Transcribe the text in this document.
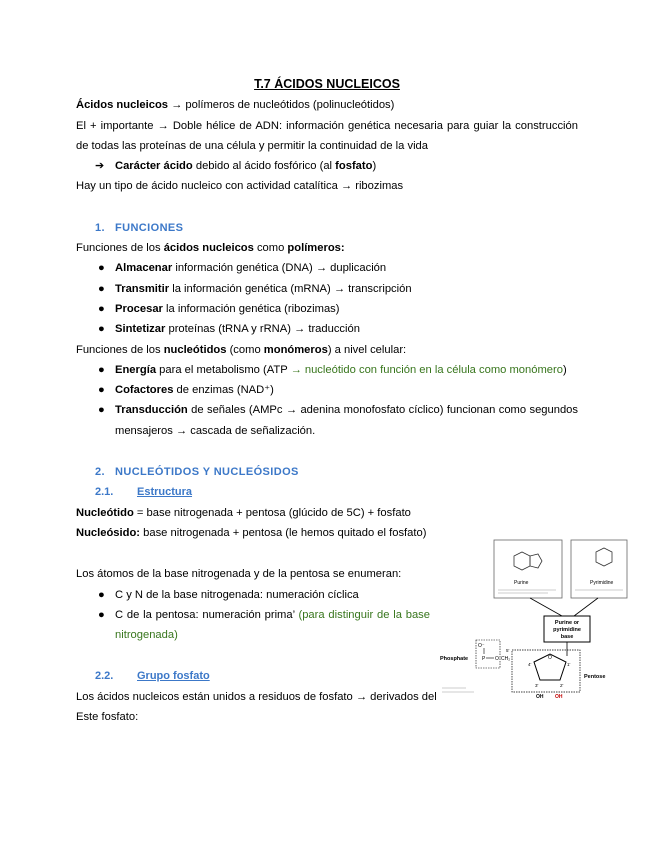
T.7 ÁCIDOS NUCLEICOS

Ácidos nucleicos → polímeros de nucleótidos (polinucleótidos)

El + importante → Doble hélice de ADN: información genética necesaria para guiar la construcción de todas las proteínas de una célula y permitir la continuidad de la vida

➔ Carácter ácido debido al ácido fosfórico (al fosfato)

Hay un tipo de ácido nucleico con actividad catalítica → ribozimas

1. FUNCIONES

Funciones de los ácidos nucleicos como polímeros:

● Almacenar información genética (DNA) → duplicación
● Transmitir la información genética (mRNA) → transcripción
● Procesar la información genética (ribozimas)
● Sintetizar proteínas (tRNA y rRNA) → traducción

Funciones de los nucleótidos (como monómeros) a nivel celular:

● Energía para el metabolismo (ATP → nucleótido con función en la célula como monómero)
● Cofactores de enzimas (NAD⁺)
● Transducción de señales (AMPc → adenina monofosfato cíclico) funcionan como segundos mensajeros → cascada de señalización.

2. NUCLEÓTIDOS Y NUCLEÓSIDOS

2.1. Estructura

Nucleótido = base nitrogenada + pentosa (glúcido de 5C) + fosfato

Nucleósido: base nitrogenada + pentosa (le hemos quitado el fosfato)

Los átomos de la base nitrogenada y de la pentosa se enumeran:

● C y N de la base nitrogenada: numeración cíclica
● C de la pentosa: numeración prima’ (para distinguir de la base nitrogenada)

2.2. Grupo fosfato

Los ácidos nucleicos están unidos a residuos de fosfato → derivados del ácido fosfórico

Este fosfato:

Purine	Pyrimidine
Purine or
pyrimidine
base
Phosphate
O⁻
P O CH₂
5'
O
4'	1'
3'	2'
OH OH
Pentose
